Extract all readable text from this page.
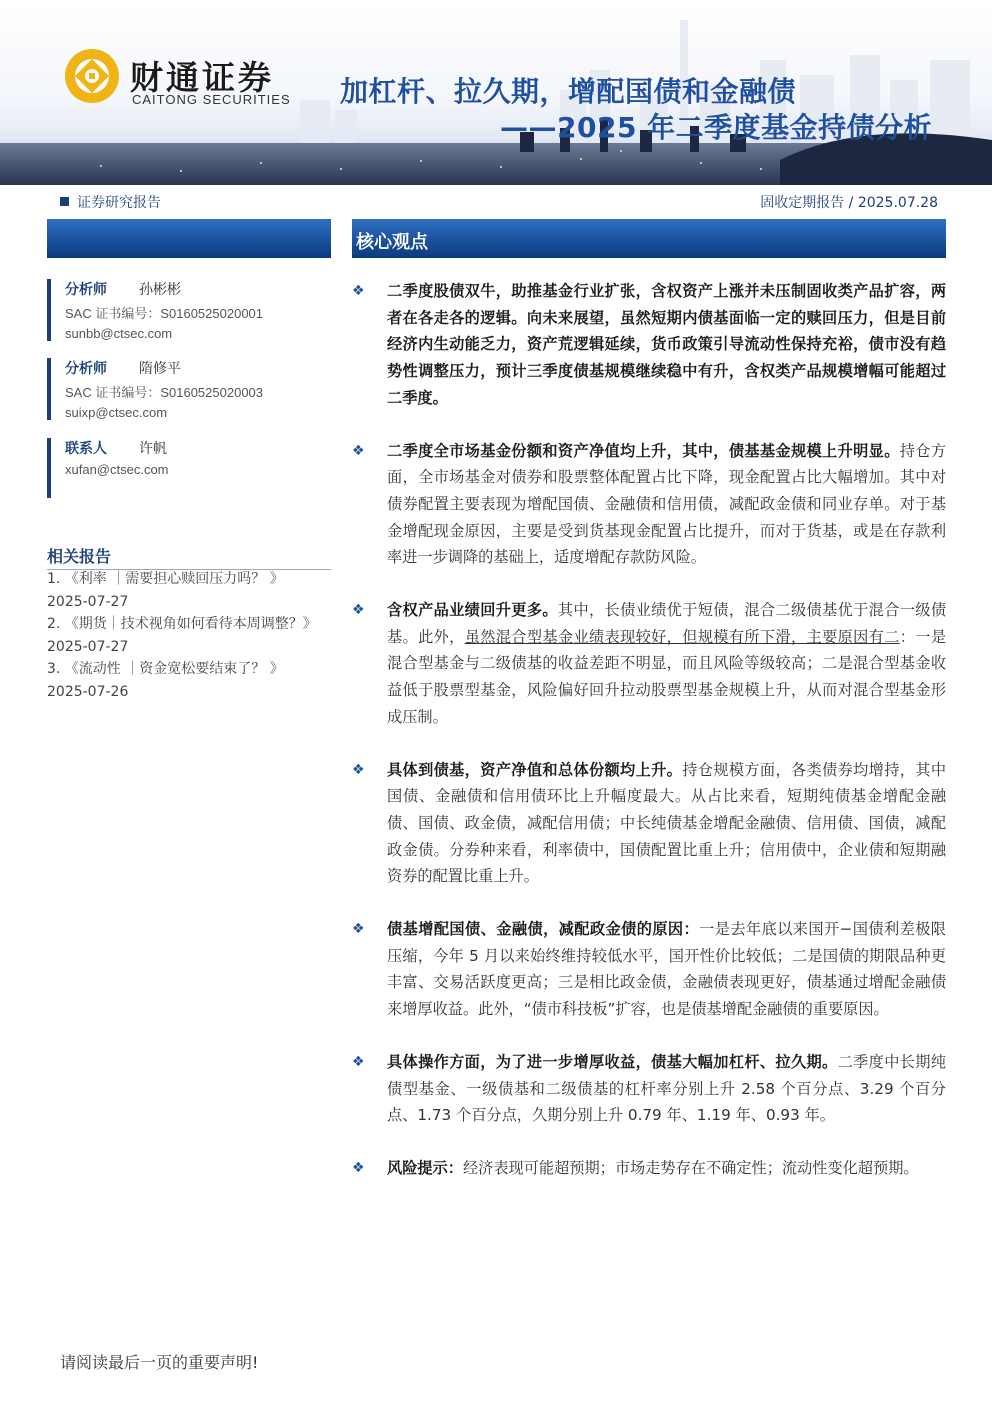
财通证券
CAITONG SECURITIES 加杠杆、拉久期，增配国债和金融债
——2025 年二季度基金持债分析
证券研究报告	固收定期报告 / 2025.07.28
分析师 孙彬彬
SAC 证书编号：S0160525020001
sunbb@ctsec.com
分析师 隋修平
SAC 证书编号：S0160525020003
suixp@ctsec.com
联系人 许帆
xufan@ctsec.com
相关报告
1. 《利率 ｜需要担心赎回压力吗？ 》
2025-07-27
2. 《期货｜技术视角如何看待本周调整？》
2025-07-27
3. 《流动性 ｜资金宽松要结束了？ 》
2025-07-26
核心观点
❖ 二季度股债双牛，助推基金行业扩张，含权资产上涨并未压制固收类产品扩容，两者在各走各的逻辑。向未来展望，虽然短期内债基面临一定的赎回压力，但是目前经济内生动能乏力，资产荒逻辑延续，货币政策引导流动性保持充裕，债市没有趋势性调整压力，预计三季度债基规模继续稳中有升，含权类产品规模增幅可能超过二季度。
❖ 二季度全市场基金份额和资产净值均上升，其中，债基基金规模上升明显。持仓方面，全市场基金对债券和股票整体配置占比下降，现金配置占比大幅增加。其中对债券配置主要表现为增配国债、金融债和信用债，减配政金债和同业存单。对于基金增配现金原因，主要是受到货基现金配置占比提升，而对于货基，或是在存款利率进一步调降的基础上，适度增配存款防风险。
❖ 含权产品业绩回升更多。其中，长债业绩优于短债，混合二级债基优于混合一级债基。此外，虽然混合型基金业绩表现较好，但规模有所下滑，主要原因有二：一是混合型基金与二级债基的收益差距不明显，而且风险等级较高；二是混合型基金收益低于股票型基金，风险偏好回升拉动股票型基金规模上升，从而对混合型基金形成压制。
❖ 具体到债基，资产净值和总体份额均上升。持仓规模方面，各类债券均增持，其中国债、金融债和信用债环比上升幅度最大。从占比来看，短期纯债基金增配金融债、国债、政金债，减配信用债；中长纯债基金增配金融债、信用债、国债，减配政金债。分券种来看，利率债中，国债配置比重上升；信用债中，企业债和短期融资券的配置比重上升。
❖ 债基增配国债、金融债，减配政金债的原因：一是去年底以来国开−国债利差极限压缩，今年 5 月以来始终维持较低水平，国开性价比较低；二是国债的期限品种更丰富、交易活跃度更高；三是相比政金债，金融债表现更好，债基通过增配金融债来增厚收益。此外，“债市科技板”扩容，也是债基增配金融债的重要原因。
❖ 具体操作方面，为了进一步增厚收益，债基大幅加杠杆、拉久期。二季度中长期纯债型基金、一级债基和二级债基的杠杆率分别上升 2.58 个百分点、3.29 个百分点、1.73 个百分点，久期分别上升 0.79 年、1.19 年、0.93 年。
❖ 风险提示：经济表现可能超预期；市场走势存在不确定性；流动性变化超预期。
请阅读最后一页的重要声明!
